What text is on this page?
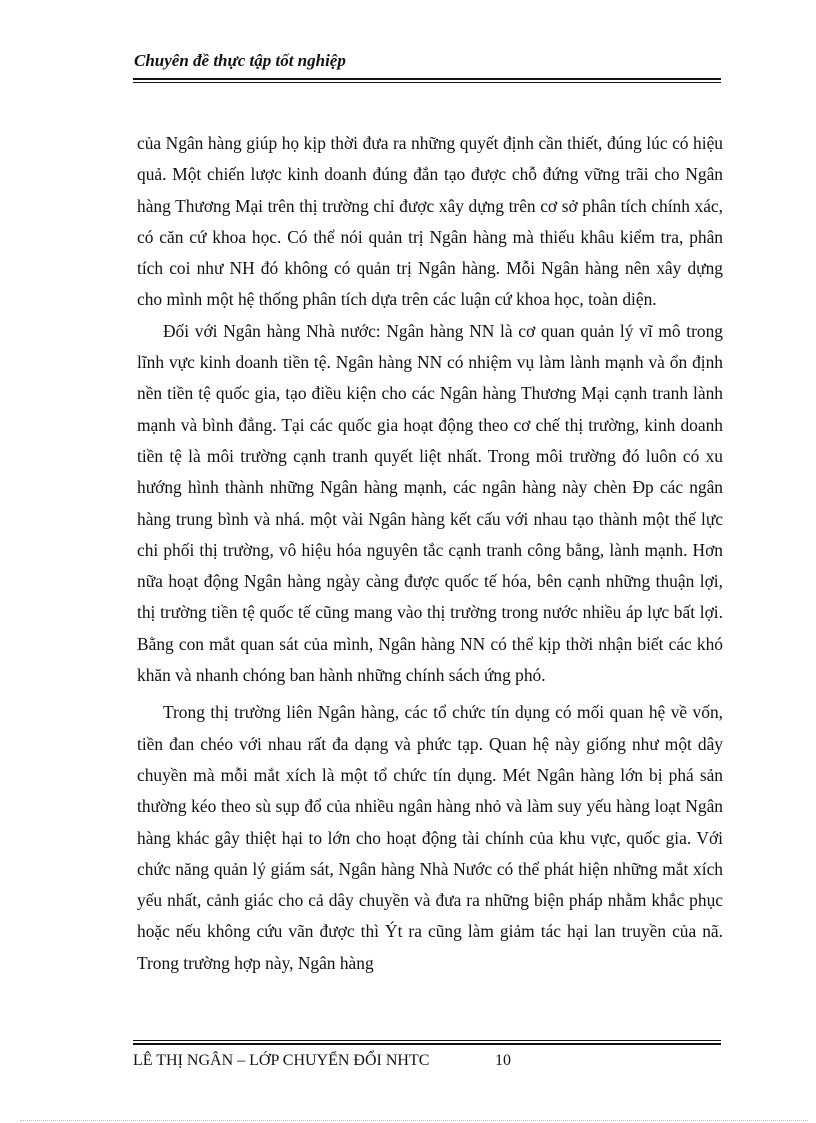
Chuyên đề thực tập tốt nghiệp

của Ngân hàng giúp họ kịp thời đưa ra những quyết định cần thiết, đúng lúc có hiệu quả. Một chiến lược kinh doanh đúng đắn tạo được chỗ đứng vững trãi cho Ngân hàng Thương Mại trên thị trường chỉ được xây dựng trên cơ sở phân tích chính xác, có căn cứ khoa học. Có thể nói quản trị Ngân hàng mà thiếu khâu kiểm tra, phân tích coi như NH đó không có quản trị Ngân hàng. Mỗi Ngân hàng nên xây dựng cho mình một hệ thống phân tích dựa trên các luận cứ khoa học, toàn diện.

Đối với Ngân hàng Nhà nước: Ngân hàng NN là cơ quan quản lý vĩ mô trong lĩnh vực kinh doanh tiền tệ. Ngân hàng NN có nhiệm vụ làm lành mạnh và ổn định nền tiền tệ quốc gia, tạo điều kiện cho các Ngân hàng Thương Mại cạnh tranh lành mạnh và bình đẳng. Tại các quốc gia hoạt động theo cơ chế thị trường, kinh doanh tiền tệ là môi trường cạnh tranh quyết liệt nhất. Trong môi trường đó luôn có xu hướng hình thành những Ngân hàng mạnh, các ngân hàng này chèn Ðp các ngân hàng trung bình và nhá. một vài Ngân hàng kết cấu với nhau tạo thành một thế lực chi phối thị trường, vô hiệu hóa nguyên tắc cạnh tranh công bằng, lành mạnh. Hơn nữa hoạt động Ngân hàng ngày càng được quốc tế hóa, bên cạnh những thuận lợi, thị trường tiền tệ quốc tế cũng mang vào thị trường trong nước nhiều áp lực bất lợi. Bằng con mắt quan sát của mình, Ngân hàng NN có thể kịp thời nhận biết các khó khăn và nhanh chóng ban hành những chính sách ứng phó.

Trong thị trường liên Ngân hàng, các tổ chức tín dụng có mối quan hệ về vốn, tiền đan chéo với nhau rất đa dạng và phức tạp. Quan hệ này giống như một dây chuyền mà mỗi mắt xích là một tổ chức tín dụng. Mét Ngân hàng lớn bị phá sản thường kéo theo sù sụp đổ của nhiều ngân hàng nhỏ và làm suy yếu hàng loạt Ngân hàng khác gây thiệt hại to lớn cho hoạt động tài chính của khu vực, quốc gia. Với chức năng quản lý giám sát, Ngân hàng Nhà Nước có thể phát hiện những mắt xích yếu nhất, cảnh giác cho cả dây chuyền và đưa ra những biện pháp nhằm khắc phục hoặc nếu không cứu vãn được thì Ýt ra cũng làm giảm tác hại lan truyền của nã. Trong trường hợp này, Ngân hàng

LÊ THỊ NGÂN – LỚP CHUYỂN ĐỔI NHTC	10
